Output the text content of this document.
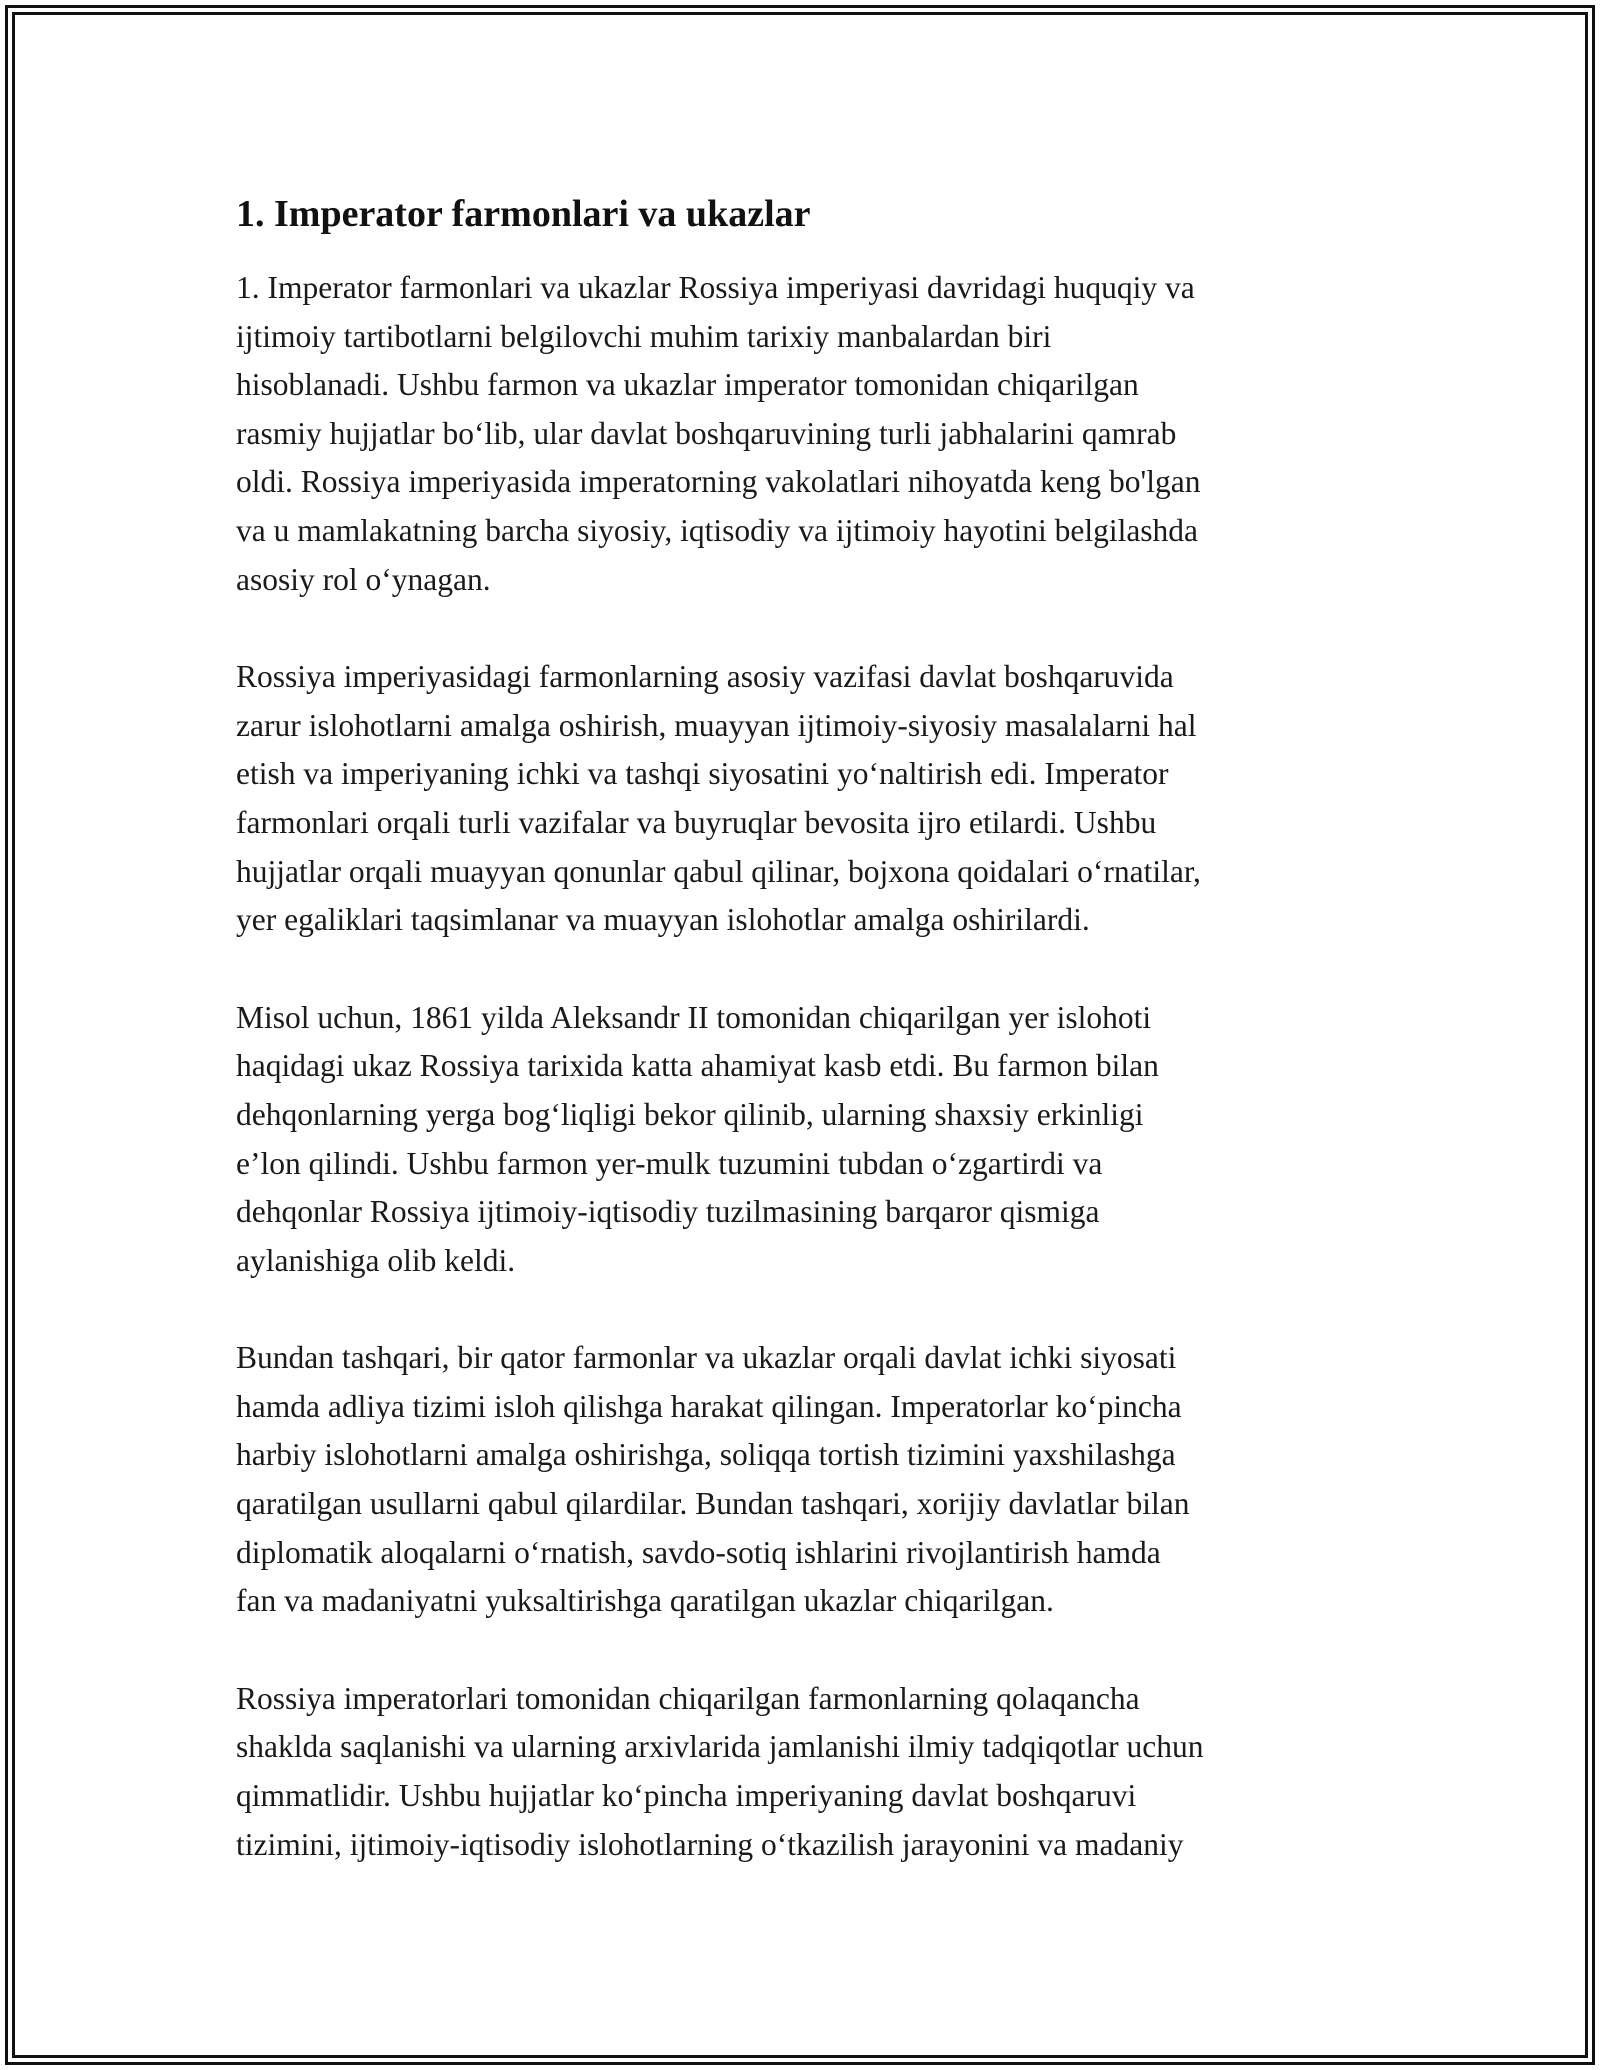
1. Imperator farmonlari va ukazlar

1. Imperator farmonlari va ukazlar Rossiya imperiyasi davridagi huquqiy va
ijtimoiy tartibotlarni belgilovchi muhim tarixiy manbalardan biri
hisoblanadi. Ushbu farmon va ukazlar imperator tomonidan chiqarilgan
rasmiy hujjatlar bo‘lib, ular davlat boshqaruvining turli jabhalarini qamrab
oldi. Rossiya imperiyasida imperatorning vakolatlari nihoyatda keng bo'lgan
va u mamlakatning barcha siyosiy, iqtisodiy va ijtimoiy hayotini belgilashda
asosiy rol o‘ynagan.

Rossiya imperiyasidagi farmonlarning asosiy vazifasi davlat boshqaruvida
zarur islohotlarni amalga oshirish, muayyan ijtimoiy-siyosiy masalalarni hal
etish va imperiyaning ichki va tashqi siyosatini yo‘naltirish edi. Imperator
farmonlari orqali turli vazifalar va buyruqlar bevosita ijro etilardi. Ushbu
hujjatlar orqali muayyan qonunlar qabul qilinar, bojxona qoidalari o‘rnatilar,
yer egaliklari taqsimlanar va muayyan islohotlar amalga oshirilardi.

Misol uchun, 1861 yilda Aleksandr II tomonidan chiqarilgan yer islohoti
haqidagi ukaz Rossiya tarixida katta ahamiyat kasb etdi. Bu farmon bilan
dehqonlarning yerga bog‘liqligi bekor qilinib, ularning shaxsiy erkinligi
e’lon qilindi. Ushbu farmon yer-mulk tuzumini tubdan o‘zgartirdi va
dehqonlar Rossiya ijtimoiy-iqtisodiy tuzilmasining barqaror qismiga
aylanishiga olib keldi.

Bundan tashqari, bir qator farmonlar va ukazlar orqali davlat ichki siyosati
hamda adliya tizimi isloh qilishga harakat qilingan. Imperatorlar ko‘pincha
harbiy islohotlarni amalga oshirishga, soliqqa tortish tizimini yaxshilashga
qaratilgan usullarni qabul qilardilar. Bundan tashqari, xorijiy davlatlar bilan
diplomatik aloqalarni o‘rnatish, savdo-sotiq ishlarini rivojlantirish hamda
fan va madaniyatni yuksaltirishga qaratilgan ukazlar chiqarilgan.

Rossiya imperatorlari tomonidan chiqarilgan farmonlarning qolaqancha
shakldа saqlanishi va ularning arxivlarida jamlanishi ilmiy tadqiqotlar uchun
qimmatlidir. Ushbu hujjatlar ko‘pincha imperiyaning davlat boshqaruvi
tizimini, ijtimoiy-iqtisodiy islohotlarning o‘tkazilish jarayonini va madaniy
